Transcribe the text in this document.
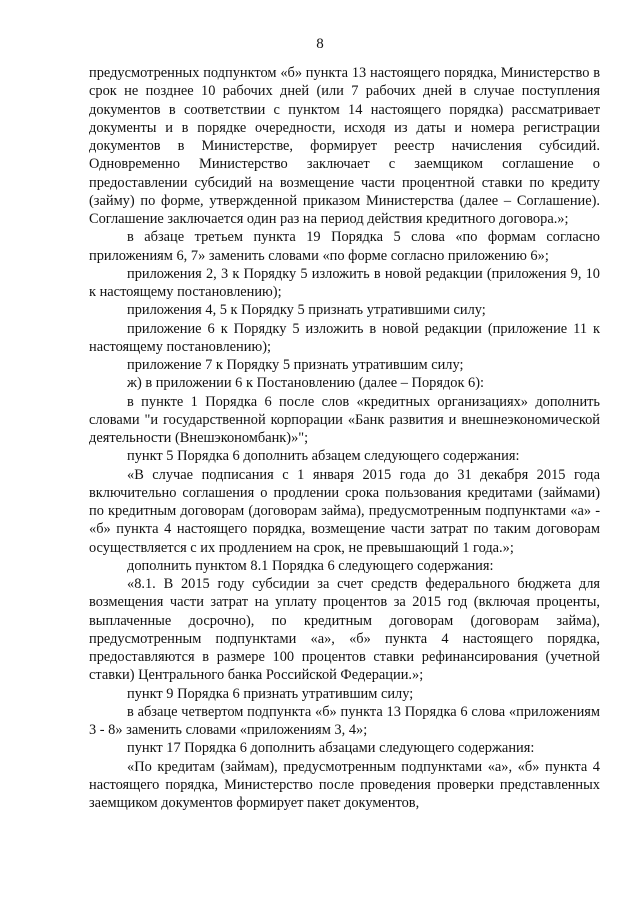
8

предусмотренных подпунктом «б» пункта 13 настоящего порядка, Министерство в срок не позднее 10 рабочих дней (или 7 рабочих дней в случае поступления документов в соответствии с пунктом 14 настоящего порядка) рассматривает документы и в порядке очередности, исходя из даты и номера регистрации документов в Министерстве, формирует реестр начисления субсидий. Одновременно Министерство заключает с заемщиком соглашение о предоставлении субсидий на возмещение части процентной ставки по кредиту (займу) по форме, утвержденной приказом Министерства (далее – Соглашение). Соглашение заключается один раз на период действия кредитного договора.»;

в абзаце третьем пункта 19 Порядка 5 слова «по формам согласно приложениям 6, 7» заменить словами «по форме согласно приложению 6»;

приложения 2, 3 к Порядку 5 изложить в новой редакции (приложения 9, 10 к настоящему постановлению);

приложения 4, 5 к Порядку 5 признать утратившими силу;

приложение 6 к Порядку 5 изложить в новой редакции (приложение 11 к настоящему постановлению);

приложение 7 к Порядку 5 признать утратившим силу;

ж) в приложении 6 к Постановлению (далее – Порядок 6):

в пункте 1 Порядка 6 после слов «кредитных организациях» дополнить словами "и государственной корпорации «Банк развития и внешнеэкономической деятельности (Внешэкономбанк)»";

пункт 5 Порядка 6 дополнить абзацем следующего содержания:

«В случае подписания с 1 января 2015 года до 31 декабря 2015 года включительно соглашения о продлении срока пользования кредитами (займами) по кредитным договорам (договорам займа), предусмотренным подпунктами «а» - «б» пункта 4 настоящего порядка, возмещение части затрат по таким договорам осуществляется с их продлением на срок, не превышающий 1 года.»;

дополнить пунктом 8.1 Порядка 6 следующего содержания:

«8.1. В 2015 году субсидии за счет средств федерального бюджета для возмещения части затрат на уплату процентов за 2015 год (включая проценты, выплаченные досрочно), по кредитным договорам (договорам займа), предусмотренным подпунктами «а», «б» пункта 4 настоящего порядка, предоставляются в размере 100 процентов ставки рефинансирования (учетной ставки) Центрального банка Российской Федерации.»;

пункт 9 Порядка 6 признать утратившим силу;

в абзаце четвертом подпункта «б» пункта 13 Порядка 6 слова «приложениям 3 - 8» заменить словами «приложениям 3, 4»;

пункт 17 Порядка 6 дополнить абзацами следующего содержания:

«По кредитам (займам), предусмотренным подпунктами «а», «б» пункта 4 настоящего порядка, Министерство после проведения проверки представленных заемщиком документов формирует пакет документов,
